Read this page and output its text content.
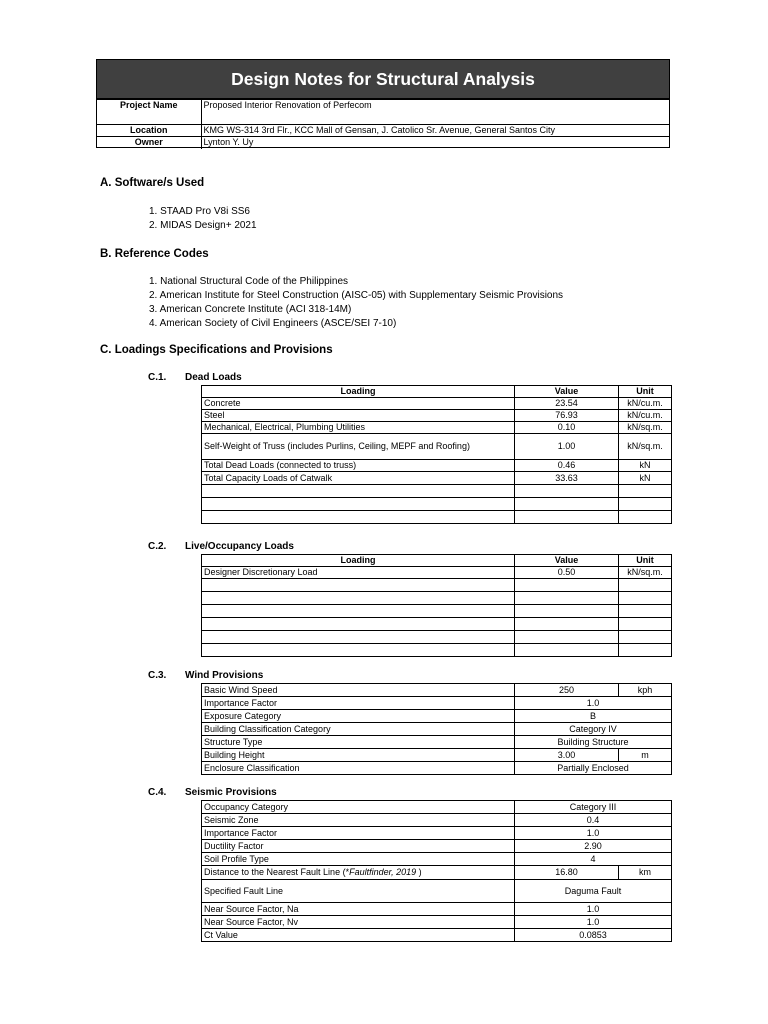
Design Notes for Structural Analysis
Project Name	Proposed Interior Renovation of Perfecom
Location	KMG WS-314 3rd Flr., KCC Mall of Gensan, J. Catolico Sr. Avenue, General Santos City
Owner	Lynton Y. Uy
A. Software/s Used
1. STAAD Pro V8i SS6
2. MIDAS Design+ 2021
B. Reference Codes
1. National Structural Code of the Philippines
2. American Institute for Steel Construction (AISC-05) with Supplementary Seismic Provisions
3. American Concrete Institute (ACI 318-14M)
4. American Society of Civil Engineers (ASCE/SEI 7-10)
C. Loadings Specifications and Provisions
C.1. Dead Loads
Loading	Value	Unit
Concrete	23.54	kN/cu.m.
Steel	76.93	kN/cu.m.
Mechanical, Electrical, Plumbing Utilities	0.10	kN/sq.m.
Self-Weight of Truss (includes Purlins, Ceiling, MEPF and Roofing)	1.00	kN/sq.m.
Total Dead Loads (connected to truss)	0.46	kN
Total Capacity Loads of Catwalk	33.63	kN

C.2. Live/Occupancy Loads
Loading	Value	Unit
Designer Discretionary Load	0.50	kN/sq.m.

C.3. Wind Provisions
Basic Wind Speed	250	kph
Importance Factor	1.0	
Exposure Category	B	
Building Classification Category	Category IV	
Structure Type	Building Structure	
Building Height	3.00	m
Enclosure Classification	Partially Enclosed	
C.4. Seismic Provisions
Occupancy Category	Category III	
Seismic Zone	0.4	
Importance Factor	1.0	
Ductility Factor	2.90	
Soil Profile Type	4	
Distance to the Nearest Fault Line (*Faultfinder, 2019 )	16.80	km
Specified Fault Line	Daguma Fault	
Near Source Factor, Na	1.0	
Near Source Factor, Nv	1.0	
Ct Value	0.0853	
